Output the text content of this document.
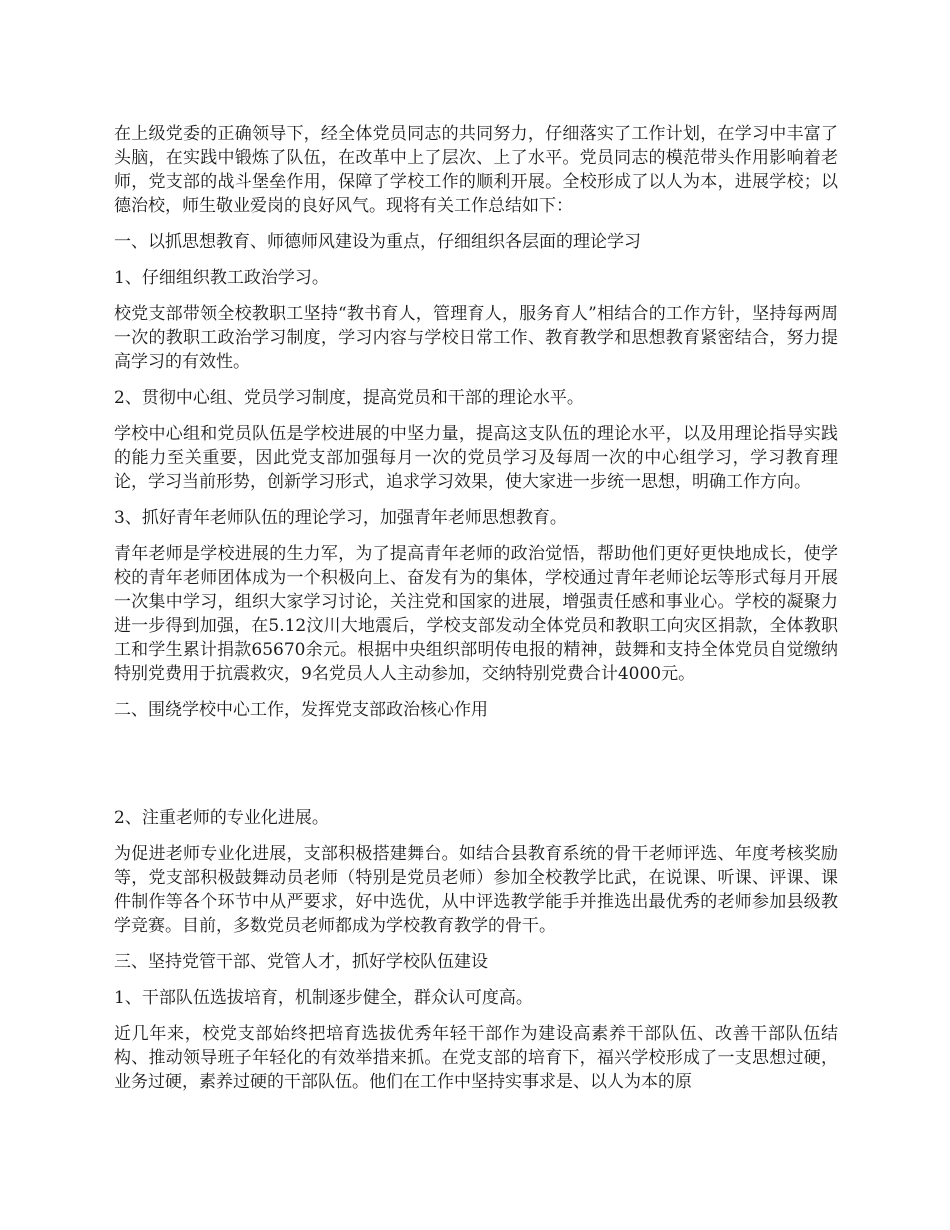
在上级党委的正确领导下，经全体党员同志的共同努力，仔细落实了工作计划，在学习中丰富了头脑，在实践中锻炼了队伍，在改革中上了层次、上了水平。党员同志的模范带头作用影响着老师，党支部的战斗堡垒作用，保障了学校工作的顺利开展。全校形成了以人为本，进展学校；以德治校，师生敬业爱岗的良好风气。现将有关工作总结如下：

一、以抓思想教育、师德师风建设为重点，仔细组织各层面的理论学习

1、仔细组织教工政治学习。

校党支部带领全校教职工坚持“教书育人，管理育人，服务育人”相结合的工作方针，坚持每两周一次的教职工政治学习制度，学习内容与学校日常工作、教育教学和思想教育紧密结合，努力提高学习的有效性。

2、贯彻中心组、党员学习制度，提高党员和干部的理论水平。

学校中心组和党员队伍是学校进展的中坚力量，提高这支队伍的理论水平，以及用理论指导实践的能力至关重要，因此党支部加强每月一次的党员学习及每周一次的中心组学习，学习教育理论，学习当前形势，创新学习形式，追求学习效果，使大家进一步统一思想，明确工作方向。

3、抓好青年老师队伍的理论学习，加强青年老师思想教育。

青年老师是学校进展的生力军，为了提高青年老师的政治觉悟，帮助他们更好更快地成长，使学校的青年老师团体成为一个积极向上、奋发有为的集体，学校通过青年老师论坛等形式每月开展一次集中学习，组织大家学习讨论，关注党和国家的进展，增强责任感和事业心。学校的凝聚力进一步得到加强，在5.12汶川大地震后，学校支部发动全体党员和教职工向灾区捐款，全体教职工和学生累计捐款65670余元。根据中央组织部明传电报的精神，鼓舞和支持全体党员自觉缴纳特别党费用于抗震救灾，9名党员人人主动参加，交纳特别党费合计4000元。

二、围绕学校中心工作，发挥党支部政治核心作用

2、注重老师的专业化进展。

为促进老师专业化进展，支部积极搭建舞台。如结合县教育系统的骨干老师评选、年度考核奖励等，党支部积极鼓舞动员老师（特别是党员老师）参加全校教学比武，在说课、听课、评课、课件制作等各个环节中从严要求，好中选优，从中评选教学能手并推选出最优秀的老师参加县级教学竞赛。目前，多数党员老师都成为学校教育教学的骨干。

三、坚持党管干部、党管人才，抓好学校队伍建设

1、干部队伍选拔培育，机制逐步健全，群众认可度高。

近几年来，校党支部始终把培育选拔优秀年轻干部作为建设高素养干部队伍、改善干部队伍结构、推动领导班子年轻化的有效举措来抓。在党支部的培育下，福兴学校形成了一支思想过硬，业务过硬，素养过硬的干部队伍。他们在工作中坚持实事求是、以人为本的原
